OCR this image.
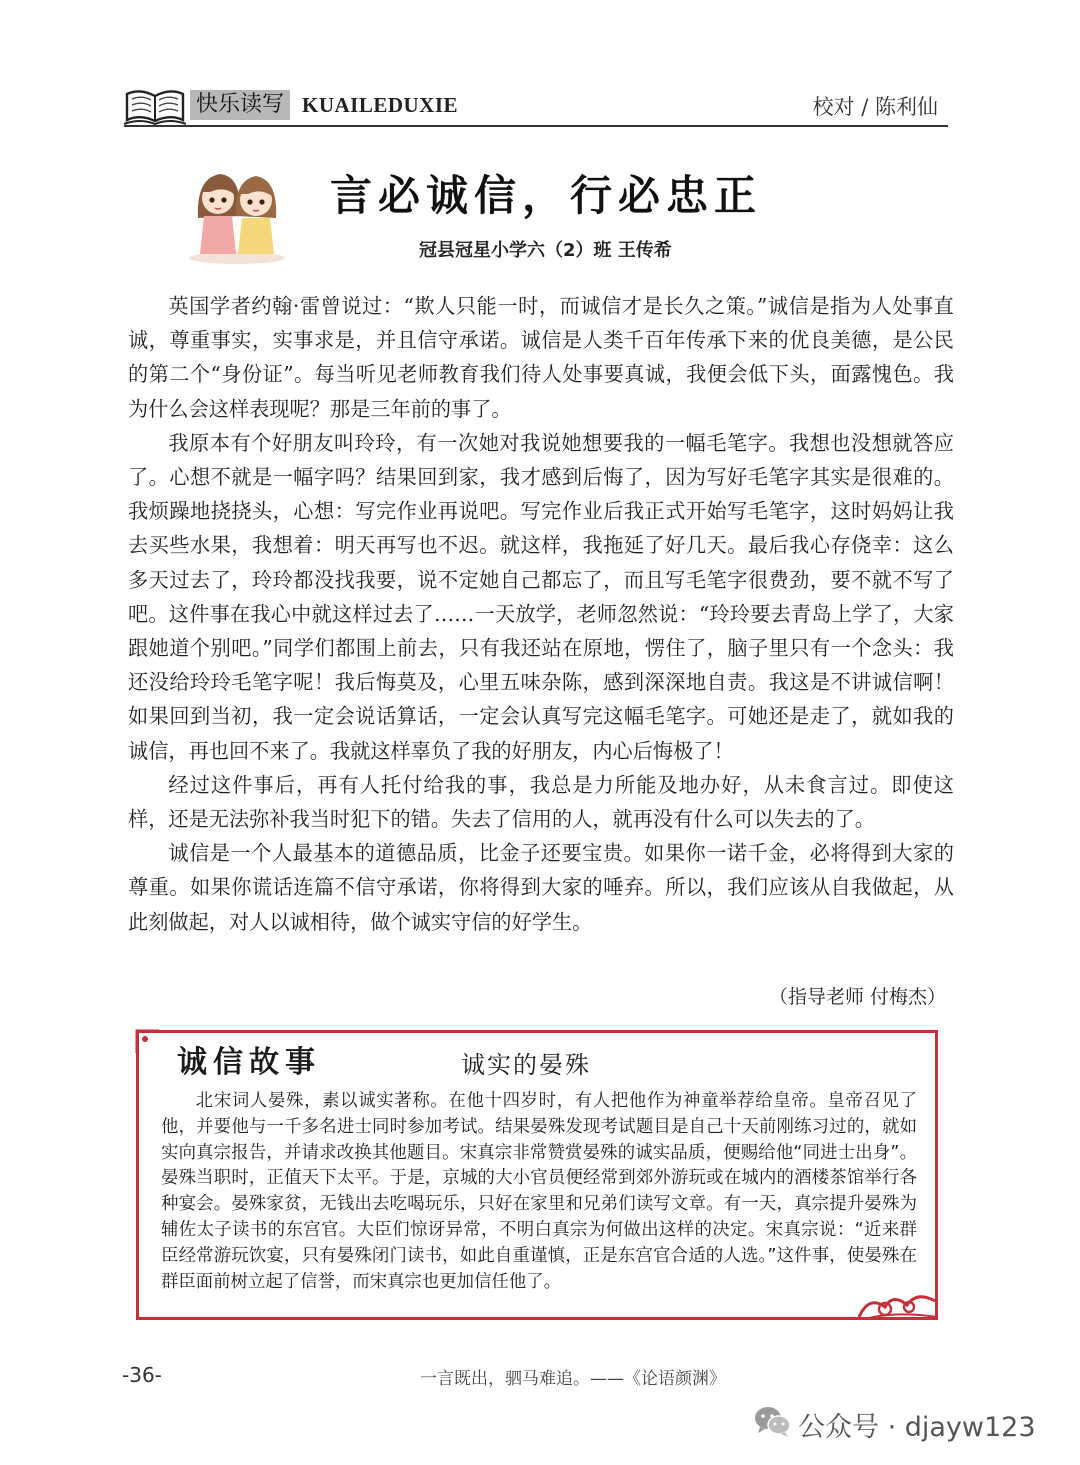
快乐读写 KUAILEDUXIE	校对 / 陈利仙
言必诚信，行必忠正
冠县冠星小学六（2）班 王传希

英国学者约翰·雷曾说过：“欺人只能一时，而诚信才是长久之策。”诚信是指为人处事直诚，尊重事实，实事求是，并且信守承诺。诚信是人类千百年传承下来的优良美德，是公民的第二个“身份证”。每当听见老师教育我们待人处事要真诚，我便会低下头，面露愧色。我为什么会这样表现呢？那是三年前的事了。

我原本有个好朋友叫玲玲，有一次她对我说她想要我的一幅毛笔字。我想也没想就答应了。心想不就是一幅字吗？结果回到家，我才感到后悔了，因为写好毛笔字其实是很难的。我烦躁地挠挠头，心想：写完作业再说吧。写完作业后我正式开始写毛笔字，这时妈妈让我去买些水果，我想着：明天再写也不迟。就这样，我拖延了好几天。最后我心存侥幸：这么多天过去了，玲玲都没找我要，说不定她自己都忘了，而且写毛笔字很费劲，要不就不写了吧。这件事在我心中就这样过去了……一天放学，老师忽然说：“玲玲要去青岛上学了，大家跟她道个别吧。”同学们都围上前去，只有我还站在原地，愣住了，脑子里只有一个念头：我还没给玲玲毛笔字呢！我后悔莫及，心里五味杂陈，感到深深地自责。我这是不讲诚信啊！如果回到当初，我一定会说话算话，一定会认真写完这幅毛笔字。可她还是走了，就如我的诚信，再也回不来了。我就这样辜负了我的好朋友，内心后悔极了！

经过这件事后，再有人托付给我的事，我总是力所能及地办好，从未食言过。即使这样，还是无法弥补我当时犯下的错。失去了信用的人，就再没有什么可以失去的了。

诚信是一个人最基本的道德品质，比金子还要宝贵。如果你一诺千金，必将得到大家的尊重。如果你谎话连篇不信守承诺，你将得到大家的唾弃。所以，我们应该从自我做起，从此刻做起，对人以诚相待，做个诚实守信的好学生。

（指导老师 付梅杰）
诚信故事	诚实的晏殊

北宋词人晏殊，素以诚实著称。在他十四岁时，有人把他作为神童举荐给皇帝。皇帝召见了他，并要他与一千多名进士同时参加考试。结果晏殊发现考试题目是自己十天前刚练习过的，就如实向真宗报告，并请求改换其他题目。宋真宗非常赞赏晏殊的诚实品质，便赐给他“同进士出身”。晏殊当职时，正值天下太平。于是，京城的大小官员便经常到郊外游玩或在城内的酒楼茶馆举行各种宴会。晏殊家贫，无钱出去吃喝玩乐，只好在家里和兄弟们读写文章。有一天，真宗提升晏殊为辅佐太子读书的东宫官。大臣们惊讶异常，不明白真宗为何做出这样的决定。宋真宗说：“近来群臣经常游玩饮宴，只有晏殊闭门读书，如此自重谨慎，正是东宫官合适的人选。”这件事，使晏殊在群臣面前树立起了信誉，而宋真宗也更加信任他了。

-36-	一言既出，驷马难追。——《论语颜渊》
公众号 · djayw123
